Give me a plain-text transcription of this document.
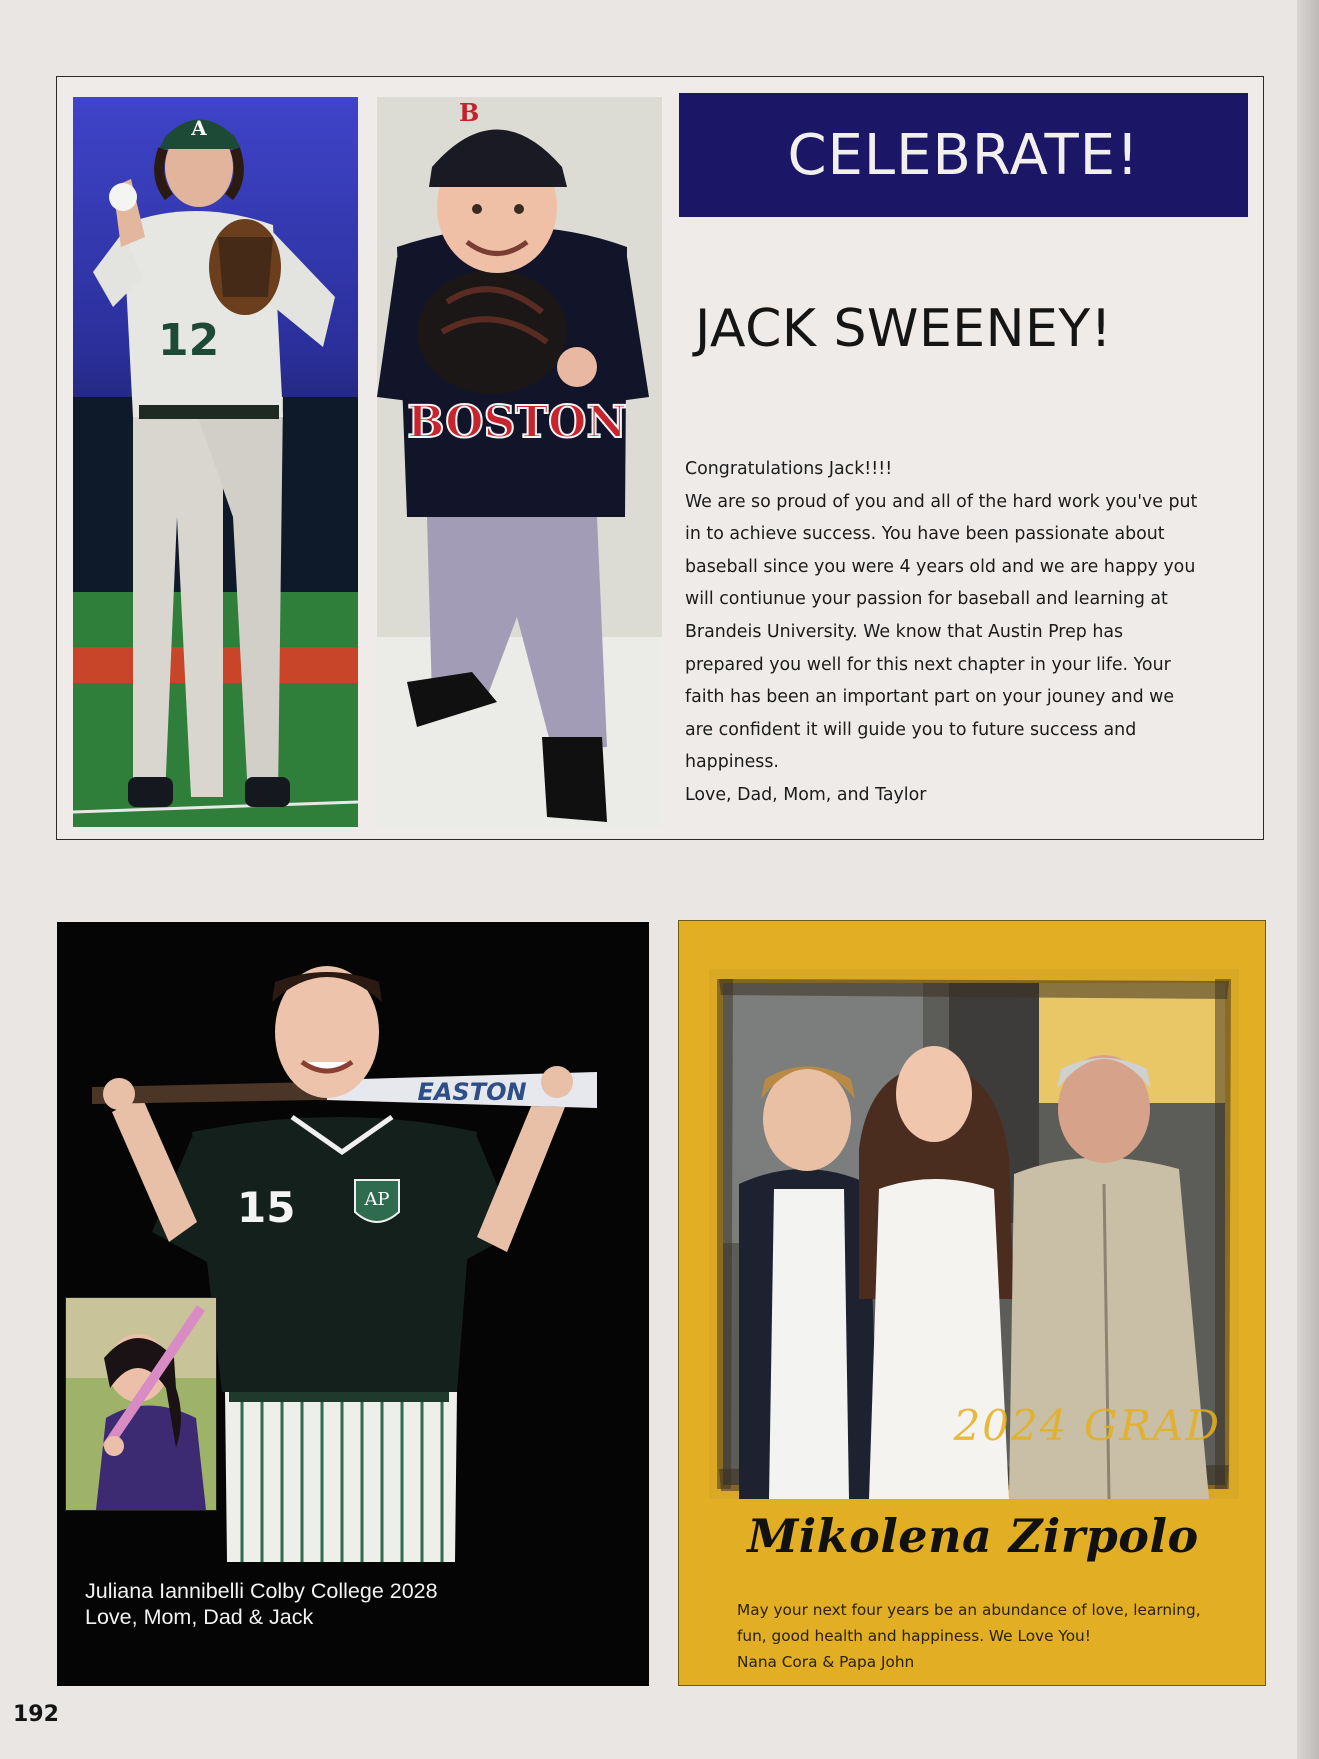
A
12
BOSTON
B
CELEBRATE!
JACK SWEENEY!

Congratulations Jack!!!!

We are so proud of you and all of the hard work you've put

in to achieve success. You have been passionate about

baseball since you were 4 years old and we are happy you

will contiunue your passion for baseball and learning at

Brandeis University. We know that Austin Prep has

prepared you well for this next chapter in your life. Your

faith has been an important part on your jouney and we

are confident it will guide you to future success and

happiness.

Love, Dad, Mom, and Taylor

15	AP
EASTON
Juliana Iannibelli Colby College 2028
Love, Mom, Dad & Jack
2024 GRAD
Mikolena Zirpolo

May your next four years be an abundance of love, learning,

fun, good health and happiness. We Love You!

Nana Cora & Papa John

192
